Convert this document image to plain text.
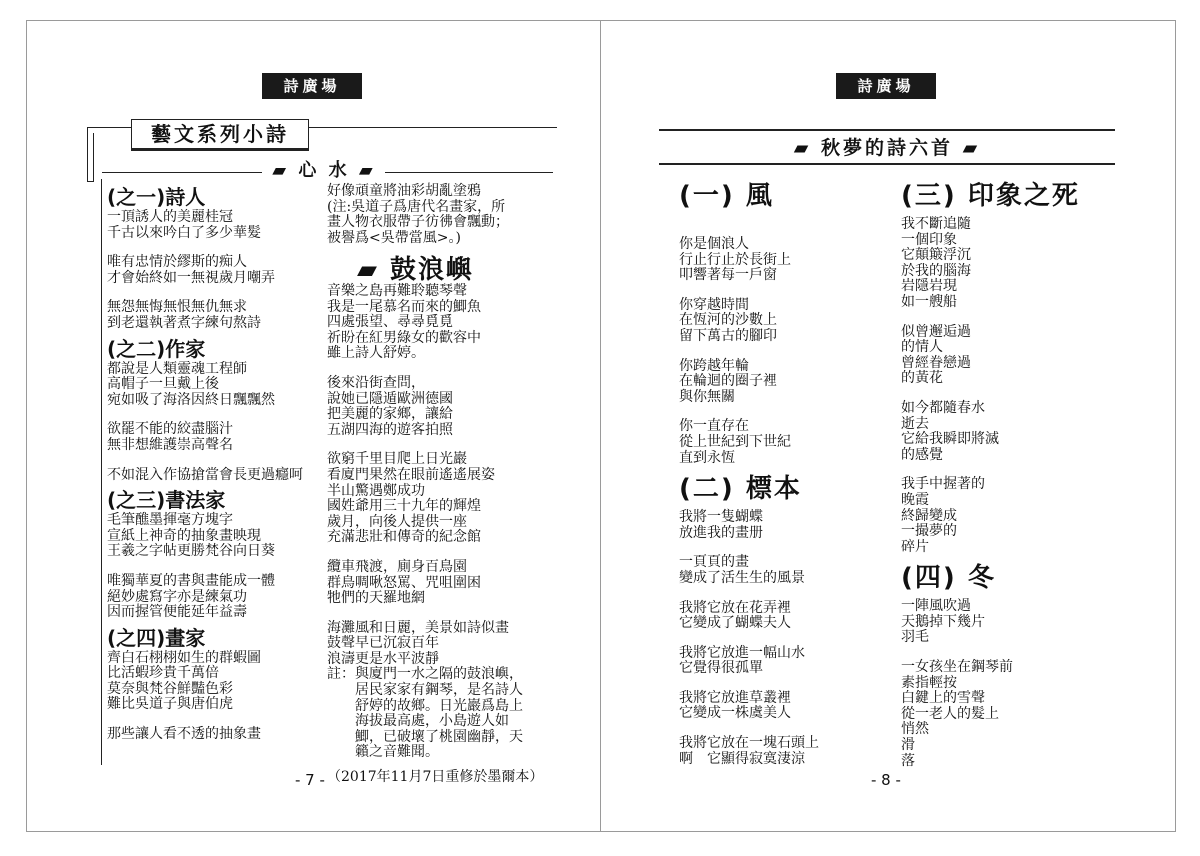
詩廣場
藝文系列小詩
▰ 心 水 ▰
(之一)詩人
一頂誘人的美麗桂冠
千古以來吟白了多少華髮
唯有忠情於繆斯的痴人
才會始終如一無視歲月嘲弄
無怨無悔無恨無仇無求
到老還執著煮字練句熬詩
(之二)作家
都說是人類靈魂工程師
高帽子一旦戴上後
宛如吸了海洛因終日飄飄然
欲罷不能的絞盡腦汁
無非想維護崇高聲名
不如混入作協搶當會長更過癮呵
(之三)書法家
毛筆醮墨揮毫方塊字
宣紙上神奇的抽象畫映現
王羲之字帖更勝梵谷向日葵
唯獨華夏的書與畫能成一體
絕妙處寫字亦是練氣功
因而握管便能延年益壽
(之四)畫家
齊白石栩栩如生的群蝦圖
比活蝦珍貴千萬倍
莫奈與梵谷鮮豔色彩
難比吳道子與唐伯虎
那些讓人看不透的抽象畫
好像頑童將油彩胡亂塗鴉
(注:吳道子爲唐代名畫家，所
畫人物衣服帶子彷彿會飄動；
被譽爲<吳帶當風>。)
▰ 鼓浪嶼
音樂之島再難聆聽琴聲
我是一尾慕名而來的鯽魚
四處張望、尋尋覓覓
祈盼在紅男綠女的歡容中
雖上詩人舒婷。
後來沿街查問，
說她已隱遁歐洲德國
把美麗的家鄉，讓給
五湖四海的遊客拍照
欲窮千里目爬上日光巖
看廈門果然在眼前遙遙展姿
半山驚遇鄭成功
國姓爺用三十九年的輝煌
歲月，向後人提供一座
充滿悲壯和傳奇的紀念館
纜車飛渡，廁身百鳥園
群鳥啁啾怒罵、咒咀圍困
牠們的天羅地網
海灘風和日麗，美景如詩似畫
鼓聲早已沉寂百年
浪濤更是水平波靜
註：與廈門一水之隔的鼓浪嶼，
居民家家有鋼琴，是名詩人
舒婷的故鄉。日光巖爲島上
海拔最高處，小島遊人如
鯽，已破壞了桃園幽靜，天
籟之音難聞。
- 7 - （2017年11月7日重修於墨爾本）
詩廣場
▰ 秋夢的詩六首 ▰
(一) 風
你是個浪人
行止行止於長街上
叩響著每一戶窗
你穿越時間
在恆河的沙數上
留下萬古的腳印
你跨越年輪
在輪迴的圈子裡
與你無關
你一直存在
從上世紀到下世紀
直到永恆
(二) 標本
我將一隻蝴蝶
放進我的畫册
一頁頁的畫
變成了活生生的風景
我將它放在花弄裡
它變成了蝴蝶夫人
我將它放進一幅山水
它覺得很孤單
我將它放進草叢裡
它變成一株虞美人
我將它放在一塊石頭上
啊　它顯得寂寞淒涼
(三) 印象之死
我不斷追隨
一個印象
它顛簸浮沉
於我的腦海
岩隱岩現
如一艘船
似曾邂逅過
的情人
曾經眷戀過
的黃花
如今都隨春水
逝去
它給我瞬即將滅
的感覺
我手中握著的
晚霞
終歸變成
一撮夢的
碎片
(四) 冬
一陣風吹過
天鵝掉下幾片
羽毛
一女孩坐在鋼琴前
素指輕按
白鍵上的雪聲
從一老人的髮上
悄然
滑
落
- 8 -
